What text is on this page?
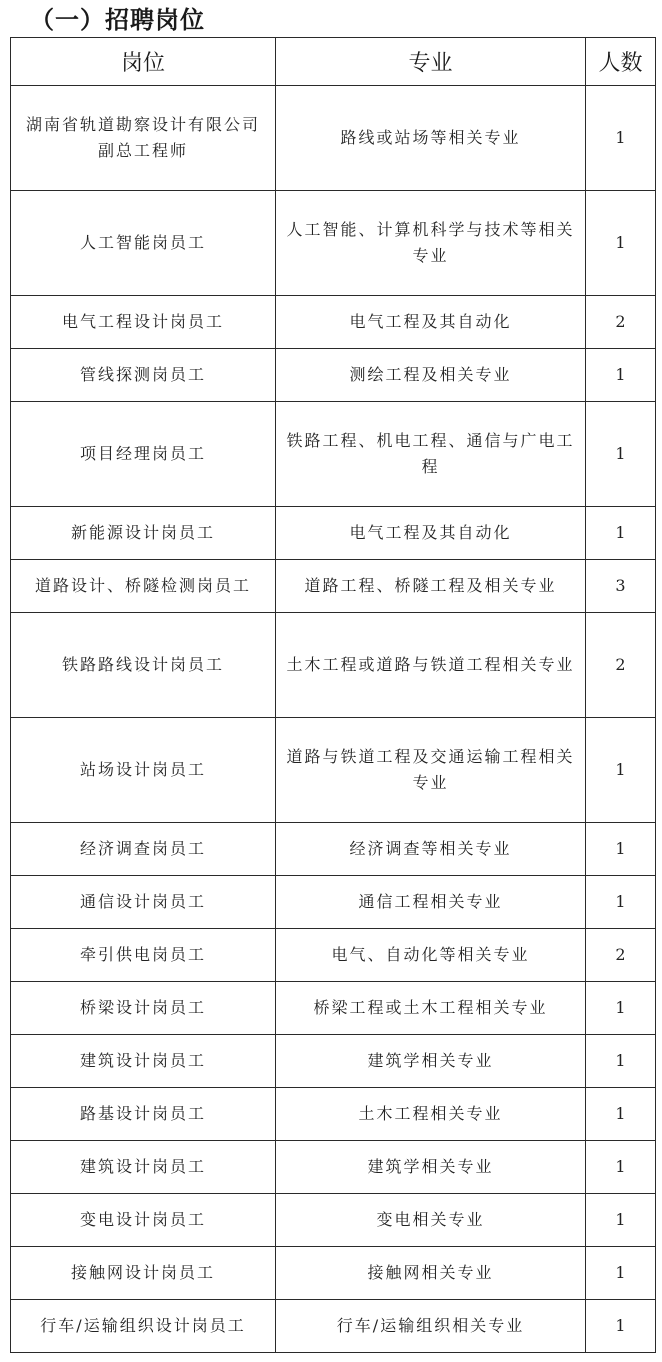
（一）招聘岗位
岗位	专业	人数
湖南省轨道勘察设计有限公司副总工程师	路线或站场等相关专业	1
人工智能岗员工	人工智能、计算机科学与技术等相关专业	1
电气工程设计岗员工	电气工程及其自动化	2
管线探测岗员工	测绘工程及相关专业	1
项目经理岗员工	铁路工程、机电工程、通信与广电工程	1
新能源设计岗员工	电气工程及其自动化	1
道路设计、桥隧检测岗员工	道路工程、桥隧工程及相关专业	3
铁路路线设计岗员工	土木工程或道路与铁道工程相关专业	2
站场设计岗员工	道路与铁道工程及交通运输工程相关专业	1
经济调查岗员工	经济调查等相关专业	1
通信设计岗员工	通信工程相关专业	1
牵引供电岗员工	电气、自动化等相关专业	2
桥梁设计岗员工	桥梁工程或土木工程相关专业	1
建筑设计岗员工	建筑学相关专业	1
路基设计岗员工	土木工程相关专业	1
建筑设计岗员工	建筑学相关专业	1
变电设计岗员工	变电相关专业	1
接触网设计岗员工	接触网相关专业	1
行车/运输组织设计岗员工	行车/运输组织相关专业	1
